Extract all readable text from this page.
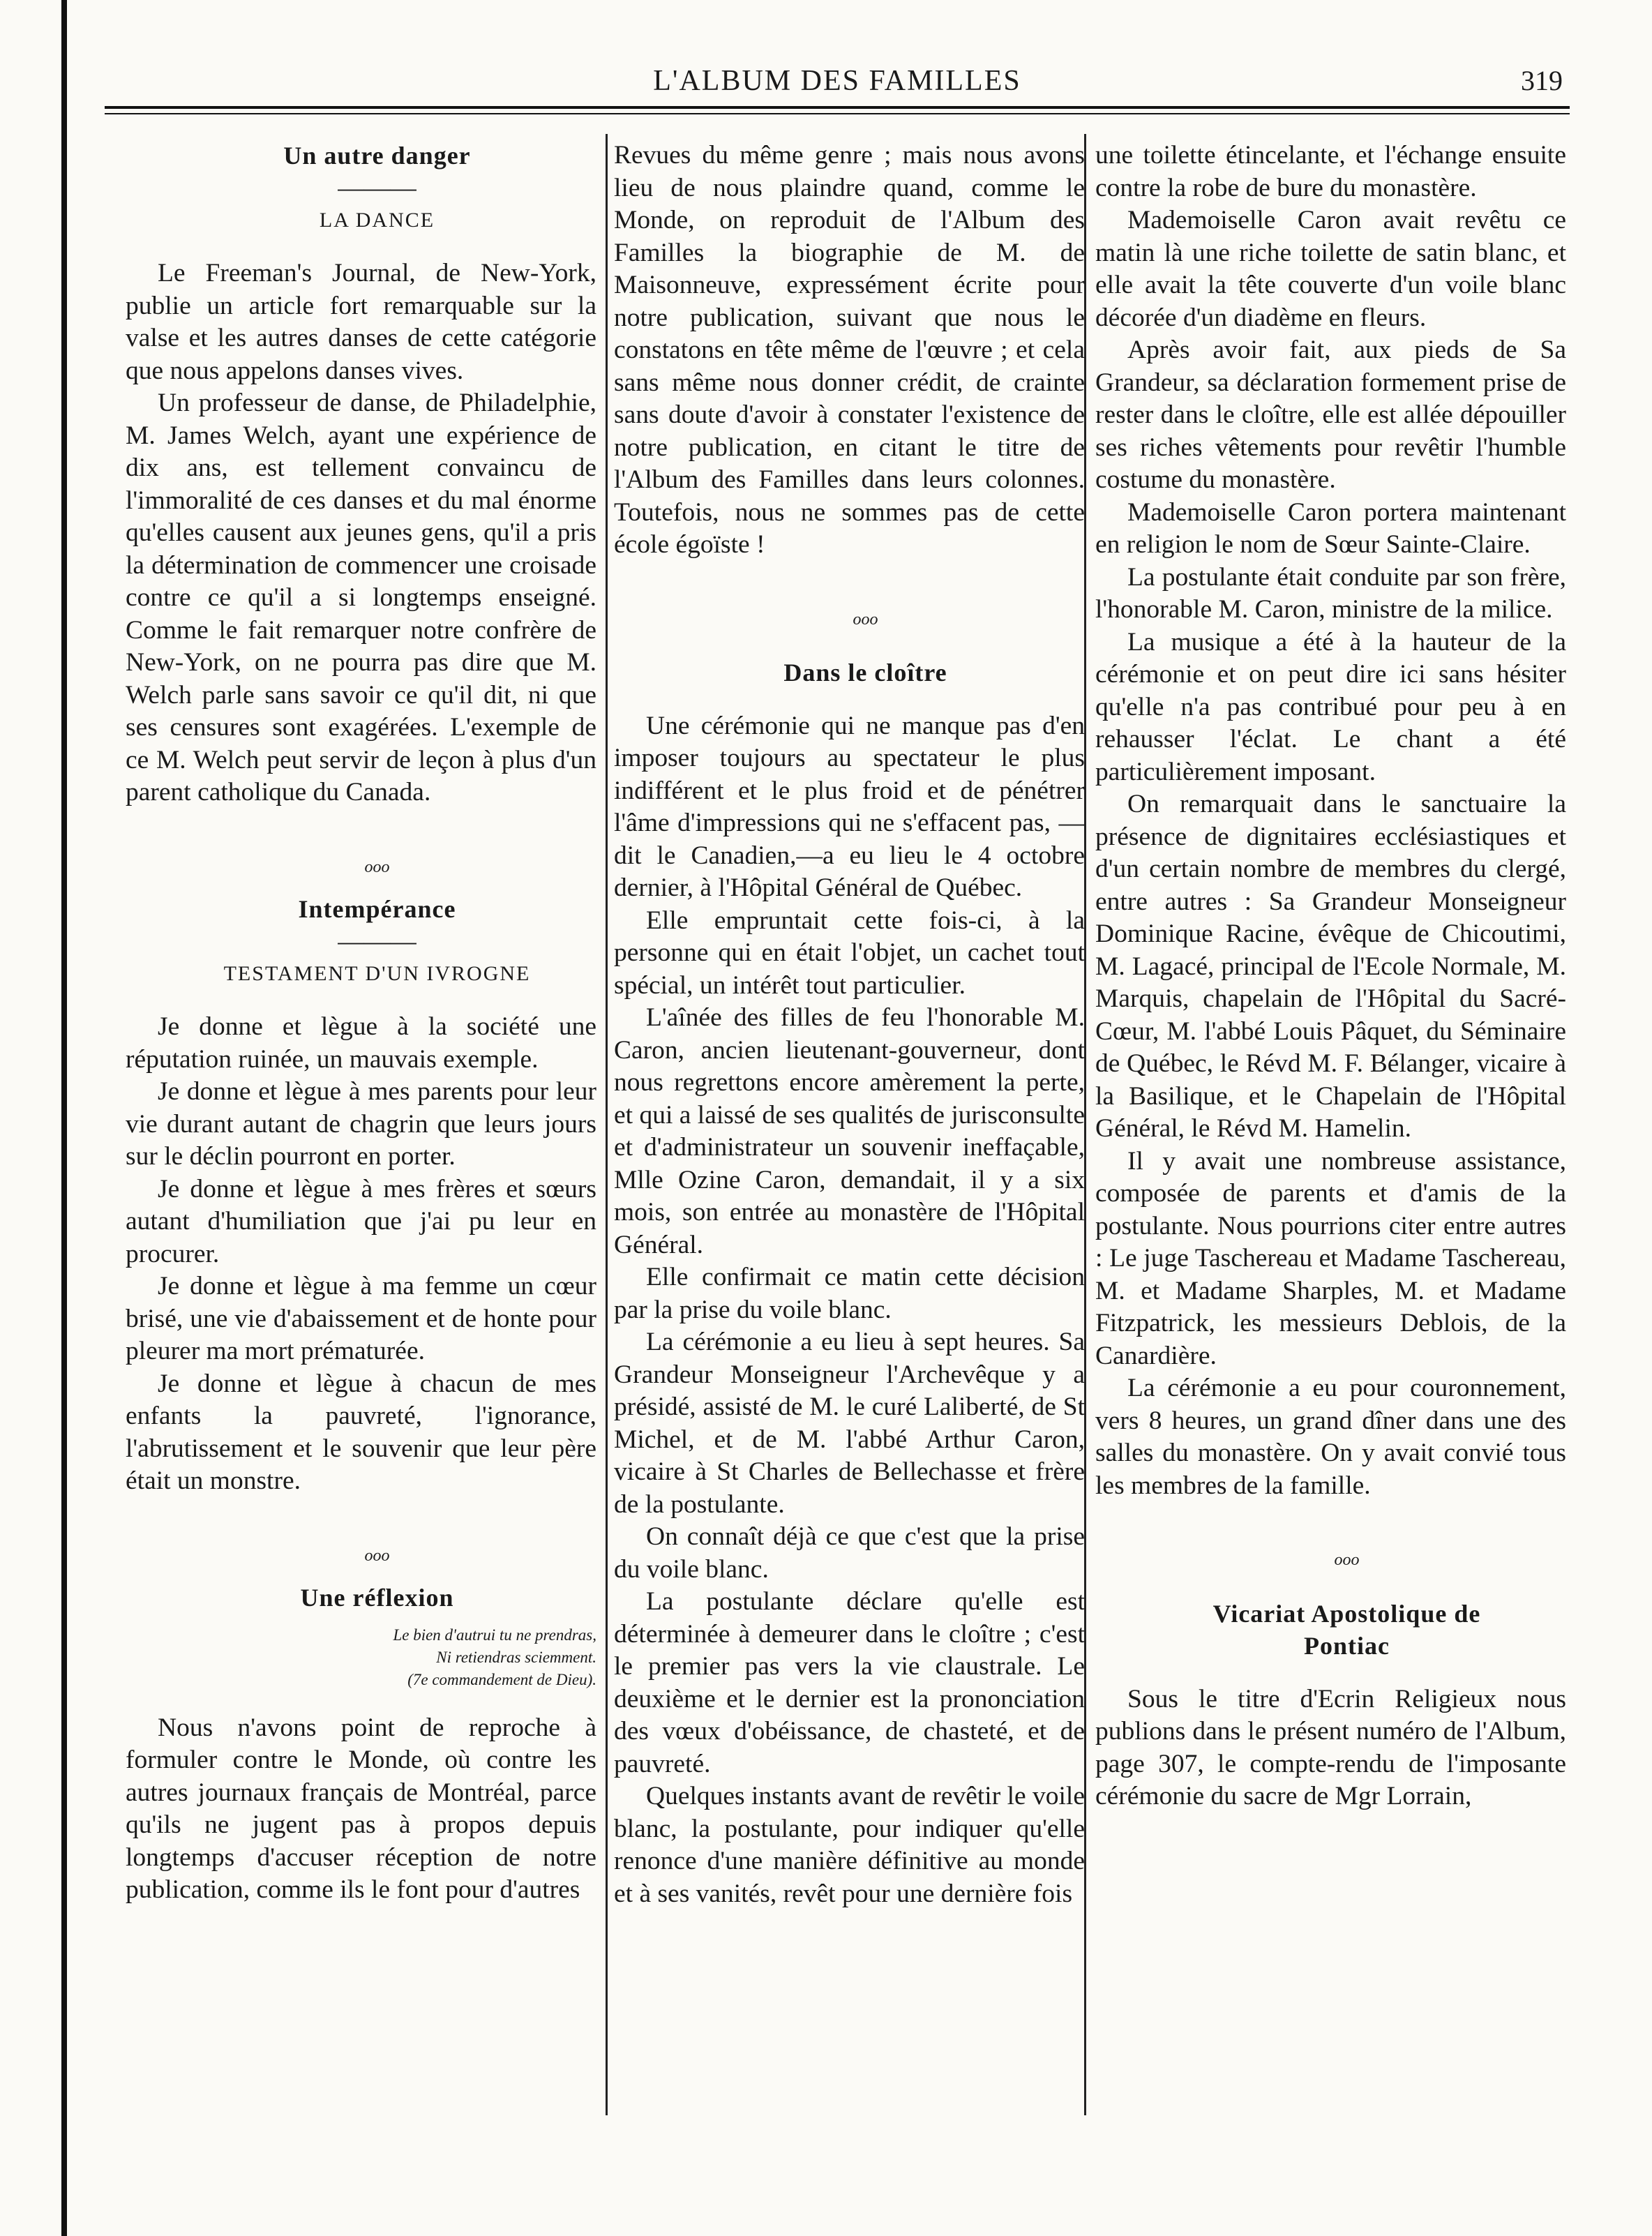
L'ALBUM DES FAMILLES	319

Un autre danger

———

LA DANCE

Le Freeman's Journal, de New-York, publie un article fort remarquable sur la valse et les autres danses de cette catégorie que nous appelons danses vives.

Un professeur de danse, de Philadelphie, M. James Welch, ayant une expérience de dix ans, est tellement convaincu de l'immoralité de ces danses et du mal énorme qu'elles causent aux jeunes gens, qu'il a pris la détermination de commencer une croisade contre ce qu'il a si longtemps enseigné. Comme le fait remarquer notre confrère de New-York, on ne pourra pas dire que M. Welch parle sans savoir ce qu'il dit, ni que ses censures sont exagérées. L'exemple de ce M. Welch peut servir de leçon à plus d'un parent catholique du Canada.

ooo

Intempérance

———

TESTAMENT D'UN IVROGNE

Je donne et lègue à la société une réputation ruinée, un mauvais exemple.

Je donne et lègue à mes parents pour leur vie durant autant de chagrin que leurs jours sur le déclin pourront en porter.

Je donne et lègue à mes frères et sœurs autant d'humiliation que j'ai pu leur en procurer.

Je donne et lègue à ma femme un cœur brisé, une vie d'abaissement et de honte pour pleurer ma mort prématurée.

Je donne et lègue à chacun de mes enfants la pauvreté, l'ignorance, l'abrutissement et le souvenir que leur père était un monstre.

ooo

Une réflexion

Le bien d'autrui tu ne prendras,

Ni retiendras sciemment.

(7e commandement de Dieu).

Nous n'avons point de reproche à formuler contre le Monde, où contre les autres journaux français de Montréal, parce qu'ils ne jugent pas à propos depuis longtemps d'accuser réception de notre publication, comme ils le font pour d'autres

Revues du même genre ; mais nous avons lieu de nous plaindre quand, comme le Monde, on reproduit de l'Album des Familles la biographie de M. de Maisonneuve, expressément écrite pour notre publication, suivant que nous le constatons en tête même de l'œuvre ; et cela sans même nous donner crédit, de crainte sans doute d'avoir à constater l'existence de notre publication, en citant le titre de l'Album des Familles dans leurs colonnes. Toutefois, nous ne sommes pas de cette école égoïste !

ooo

Dans le cloître

Une cérémonie qui ne manque pas d'en imposer toujours au spectateur le plus indifférent et le plus froid et de pénétrer l'âme d'impressions qui ne s'effacent pas, —dit le Canadien,—a eu lieu le 4 octobre dernier, à l'Hôpital Général de Québec.

Elle empruntait cette fois-ci, à la personne qui en était l'objet, un cachet tout spécial, un intérêt tout particulier.

L'aînée des filles de feu l'honorable M. Caron, ancien lieutenant-gouverneur, dont nous regrettons encore amèrement la perte, et qui a laissé de ses qualités de jurisconsulte et d'administrateur un souvenir ineffaçable, Mlle Ozine Caron, demandait, il y a six mois, son entrée au monastère de l'Hôpital Général.

Elle confirmait ce matin cette décision par la prise du voile blanc.

La cérémonie a eu lieu à sept heures. Sa Grandeur Monseigneur l'Archevêque y a présidé, assisté de M. le curé Laliberté, de St Michel, et de M. l'abbé Arthur Caron, vicaire à St Charles de Bellechasse et frère de la postulante.

On connaît déjà ce que c'est que la prise du voile blanc.

La postulante déclare qu'elle est déterminée à demeurer dans le cloître ; c'est le premier pas vers la vie claustrale. Le deuxième et le dernier est la prononciation des vœux d'obéissance, de chasteté, et de pauvreté.

Quelques instants avant de revêtir le voile blanc, la postulante, pour indiquer qu'elle renonce d'une manière définitive au monde et à ses vanités, revêt pour une dernière fois

une toilette étincelante, et l'échange ensuite contre la robe de bure du monastère.

Mademoiselle Caron avait revêtu ce matin là une riche toilette de satin blanc, et elle avait la tête couverte d'un voile blanc décorée d'un diadème en fleurs.

Après avoir fait, aux pieds de Sa Grandeur, sa déclaration formement prise de rester dans le cloître, elle est allée dépouiller ses riches vêtements pour revêtir l'humble costume du monastère.

Mademoiselle Caron portera maintenant en religion le nom de Sœur Sainte-Claire.

La postulante était conduite par son frère, l'honorable M. Caron, ministre de la milice.

La musique a été à la hauteur de la cérémonie et on peut dire ici sans hésiter qu'elle n'a pas contribué pour peu à en rehausser l'éclat. Le chant a été particulièrement imposant.

On remarquait dans le sanctuaire la présence de dignitaires ecclésiastiques et d'un certain nombre de membres du clergé, entre autres : Sa Grandeur Monseigneur Dominique Racine, évêque de Chicoutimi, M. Lagacé, principal de l'Ecole Normale, M. Marquis, chapelain de l'Hôpital du Sacré-Cœur, M. l'abbé Louis Pâquet, du Séminaire de Québec, le Révd M. F. Bélanger, vicaire à la Basilique, et le Chapelain de l'Hôpital Général, le Révd M. Hamelin.

Il y avait une nombreuse assistance, composée de parents et d'amis de la postulante. Nous pourrions citer entre autres : Le juge Taschereau et Madame Taschereau, M. et Madame Sharples, M. et Madame Fitzpatrick, les messieurs Deblois, de la Canardière.

La cérémonie a eu pour couronnement, vers 8 heures, un grand dîner dans une des salles du monastère. On y avait convié tous les membres de la famille.

ooo

Vicariat Apostolique de

Pontiac

Sous le titre d'Ecrin Religieux nous publions dans le présent numéro de l'Album, page 307, le compte-rendu de l'imposante cérémonie du sacre de Mgr Lorrain,
